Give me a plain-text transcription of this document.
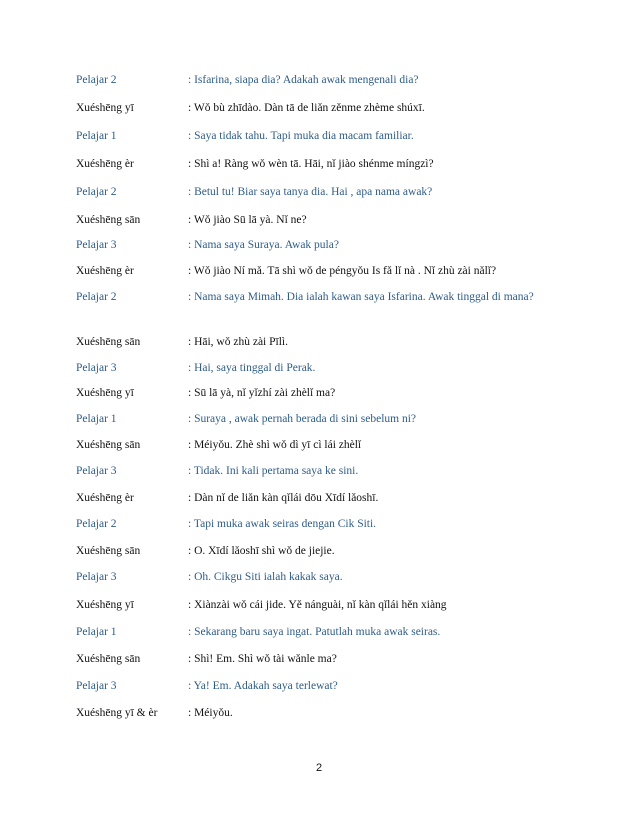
Pelajar 2	: Isfarina, siapa dia? Adakah awak mengenali dia?
Xuéshēng yī	: Wǒ bù zhīdào. Dàn tā de liǎn zěnme zhème shúxī.
Pelajar 1	: Saya tidak tahu. Tapi muka dia macam familiar.
Xuéshēng èr	: Shì a! Ràng wǒ wèn tā. Hāi, nǐ jiào shénme míngzì?
Pelajar 2	: Betul tu! Biar saya tanya dia. Hai , apa nama awak?
Xuéshēng sān	: Wǒ jiào Sū lā yà. Nǐ ne?
Pelajar 3	: Nama saya Suraya. Awak pula?
Xuéshēng èr	: Wǒ jiào Ní mǎ. Tā shì wǒ de péngyǒu Is fǎ lǐ nà . Nǐ zhù zài nǎlǐ?
Pelajar 2	: Nama saya Mimah. Dia ialah kawan saya Isfarina. Awak tinggal di mana?
Xuéshēng sān	: Hāi, wǒ zhù zài Pīlì.
Pelajar 3	: Hai, saya tinggal di Perak.
Xuéshēng yī	: Sū lā yà, nǐ yǐzhí zài zhèlǐ ma?
Pelajar 1	: Suraya , awak pernah berada di sini sebelum ni?
Xuéshēng sān	: Méiyǒu. Zhè shì wǒ dì yī cì lái zhèlǐ
Pelajar 3	: Tidak. Ini kali pertama saya ke sini.
Xuéshēng èr	: Dàn nǐ de liǎn kàn qǐlái dōu Xīdí lǎoshī.
Pelajar 2	: Tapi muka awak seiras dengan Cik Siti.
Xuéshēng sān	: O. Xīdí lǎoshī shì wǒ de jiejie.
Pelajar 3	: Oh. Cikgu Siti ialah kakak saya.
Xuéshēng yī	: Xiànzài wǒ cái jide. Yě nánguài, nǐ kàn qǐlái hěn xiàng
Pelajar 1	: Sekarang baru saya ingat. Patutlah muka awak seiras.
Xuéshēng sān	: Shì! Em. Shì wǒ tài wǎnle ma?
Pelajar 3	: Ya! Em. Adakah saya terlewat?
Xuéshēng yī & èr	: Méiyǒu.
2
